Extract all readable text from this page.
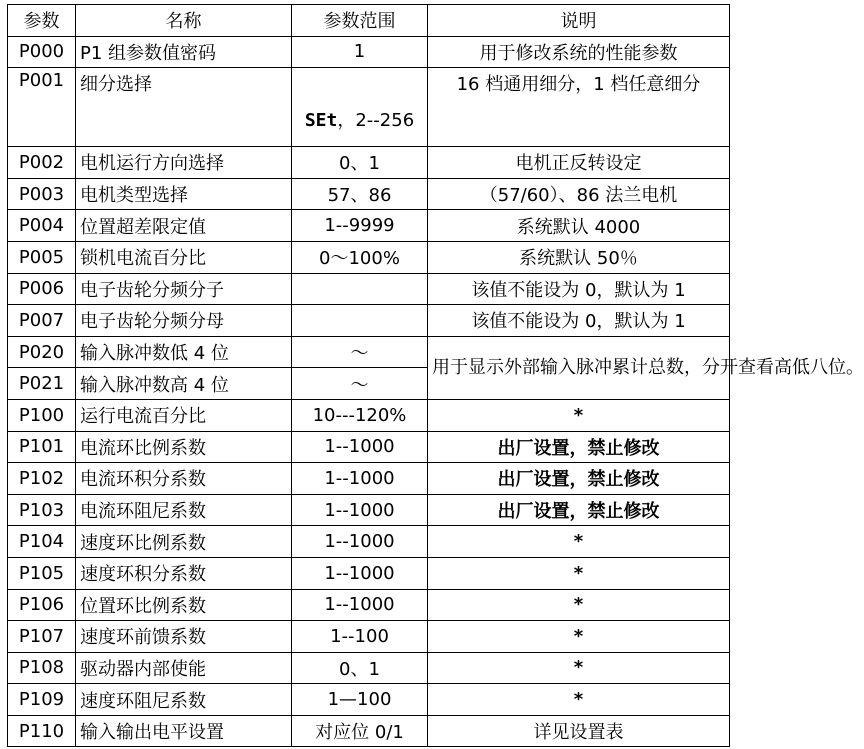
参数	名称	参数范围	说明
P000	P1 组参数值密码	1	用于修改系统的性能参数
P001	细分选择	SEt，2--256	16 档通用细分，1 档任意细分
P002	电机运行方向选择	0、1	电机正反转设定
P003	电机类型选择	57、86	（57/60）、86 法兰电机
P004	位置超差限定值	1--9999	系统默认 4000
P005	锁机电流百分比	0～100%	系统默认 50％
P006	电子齿轮分频分子		该值不能设为 0，默认为 1
P007	电子齿轮分频分母		该值不能设为 0，默认为 1
P020	输入脉冲数低 4 位	～	用于显示外部输入脉冲累计总数，分开查看高低八位。
P021	输入脉冲数高 4 位	～	
P100	运行电流百分比	10---120%	*
P101	电流环比例系数	1--1000	出厂设置，禁止修改
P102	电流环积分系数	1--1000	出厂设置，禁止修改
P103	电流环阻尼系数	1--1000	出厂设置，禁止修改
P104	速度环比例系数	1--1000	*
P105	速度环积分系数	1--1000	*
P106	位置环比例系数	1--1000	*
P107	速度环前馈系数	1--100	*
P108	驱动器内部使能	0、1	*
P109	速度环阻尼系数	1—100	*
P110	输入输出电平设置	对应位 0/1	详见设置表
